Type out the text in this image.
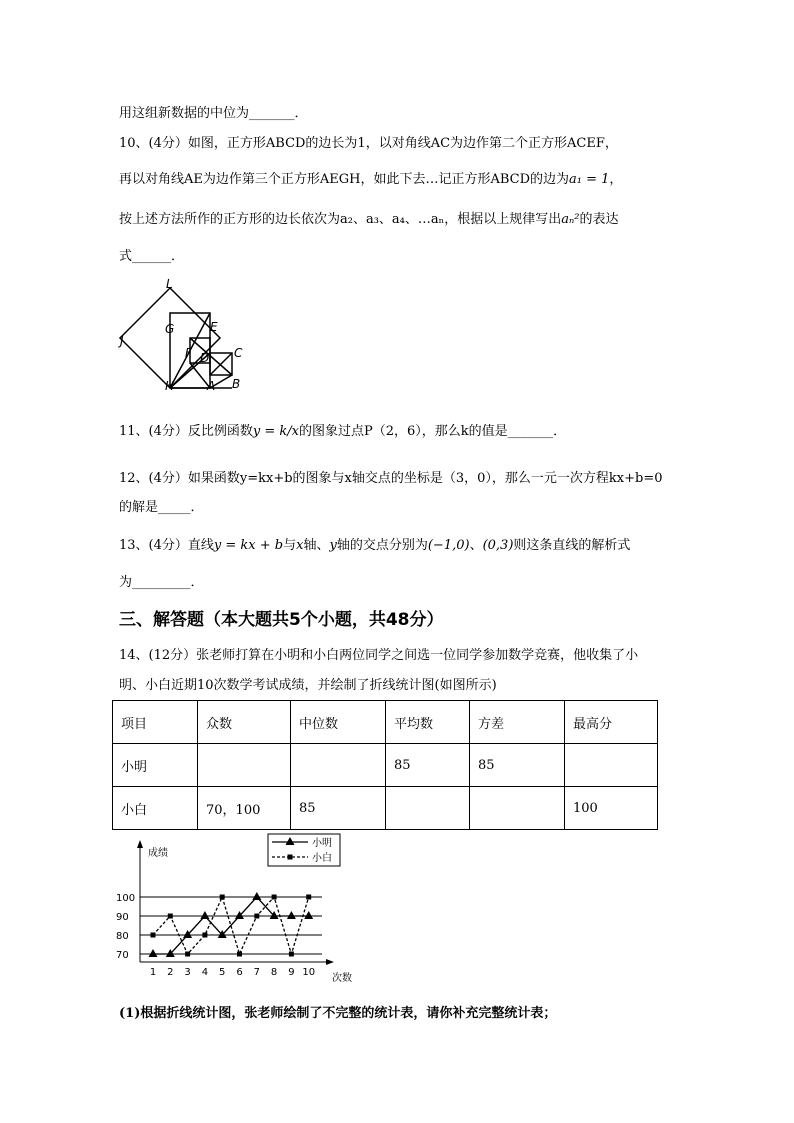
用这组新数据的中位为_______．
10、(4分）如图，正方形ABCD的边长为1，以对角线AC为边作第二个正方形ACEF，
再以对角线AE为边作第三个正方形AEGH，如此下去…记正方形ABCD的边为a₁ = 1，
按上述方法所作的正方形的边长依次为a₂、a₃、a₄、…aₙ，根据以上规律写出aₙ²的表达
式______．
L
G	E
J
F D C
H	A B
11、(4分）反比例函数y = k/x的图象过点P（2，6），那么k的值是_______．
12、(4分）如果函数y=kx+b的图象与x轴交点的坐标是（3，0），那么一元一次方程kx+b=0
的解是_____．
13、(4分）直线y = kx + b与x轴、y轴的交点分别为(−1,0)、(0,3)则这条直线的解析式
为_________．
三、解答题（本大题共5个小题，共48分）
14、(12分）张老师打算在小明和小白两位同学之间选一位同学参加数学竞赛，他收集了小
明、小白近期10次数学考试成绩，并绘制了折线统计图(如图所示)
项目	众数	中位数	平均数	方差	最高分
小明			85	85	
小白	70，100	85			100
成绩
次数
70
80
90
100
1 2 3 4 5 6 7 8 9 10
小明
小白
(1)根据折线统计图，张老师绘制了不完整的统计表，请你补充完整统计表；
